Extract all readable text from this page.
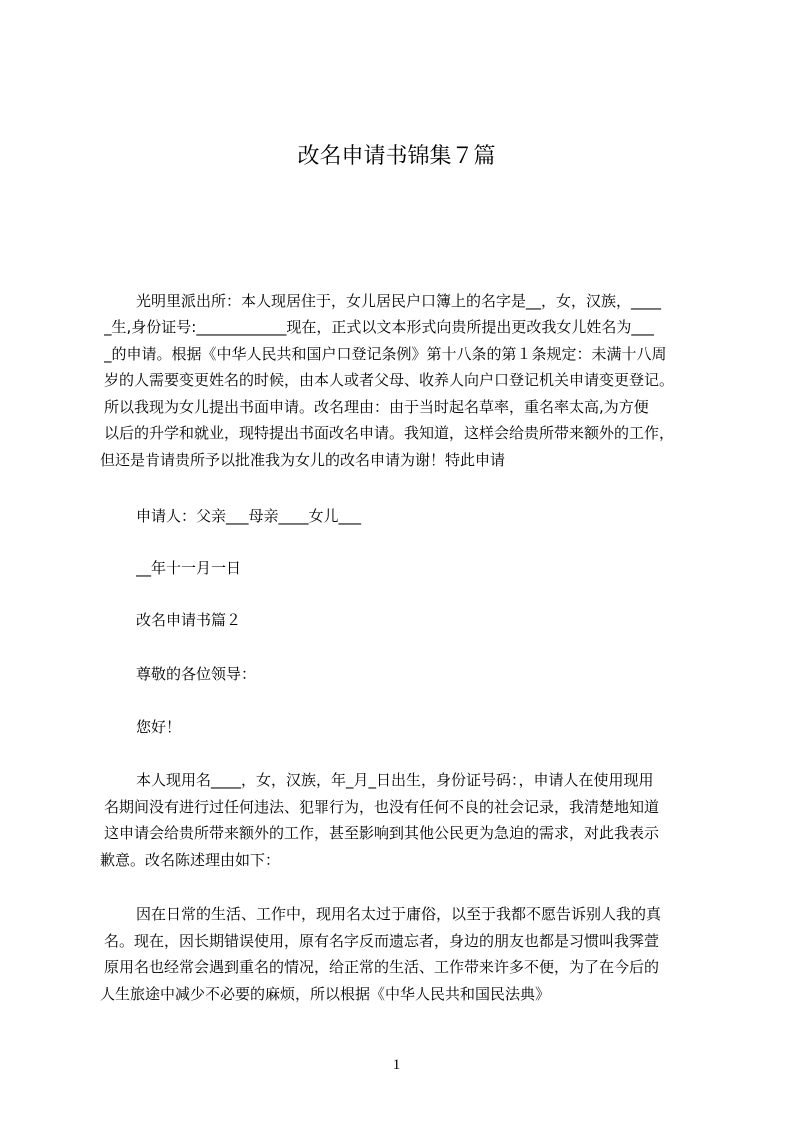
改名申请书锦集７篇

光明里派出所：本人现居住于，女儿居民户口簿上的名字是__，女，汉族，____

_生,身份证号:____________现在，正式以文本形式向贵所提出更改我女儿姓名为___

_的申请。根据《中华人民共和国户口登记条例》第十八条的第１条规定：未满十八周

岁的人需要变更姓名的时候，由本人或者父母、收养人向户口登记机关申请变更登记。

所以我现为女儿提出书面申请。改名理由：由于当时起名草率，重名率太高,为方便

以后的升学和就业，现特提出书面改名申请。我知道，这样会给贵所带来额外的工作，

但还是肯请贵所予以批准我为女儿的改名申请为谢！特此申请

申请人：父亲___母亲____女儿___

__年十一月一日

改名申请书篇２

尊敬的各位领导：

您好！

本人现用名____，女，汉族，年_月_日出生，身份证号码：，申请人在使用现用

名期间没有进行过任何违法、犯罪行为，也没有任何不良的社会记录，我清楚地知道

这申请会给贵所带来额外的工作，甚至影响到其他公民更为急迫的需求，对此我表示

歉意。改名陈述理由如下：

因在日常的生活、工作中，现用名太过于庸俗，以至于我都不愿告诉别人我的真

名。现在，因长期错误使用，原有名字反而遗忘者，身边的朋友也都是习惯叫我霁萱

原用名也经常会遇到重名的情况，给正常的生活、工作带来许多不便，为了在今后的

人生旅途中减少不必要的麻烦，所以根据《中华人民共和国民法典》

1
